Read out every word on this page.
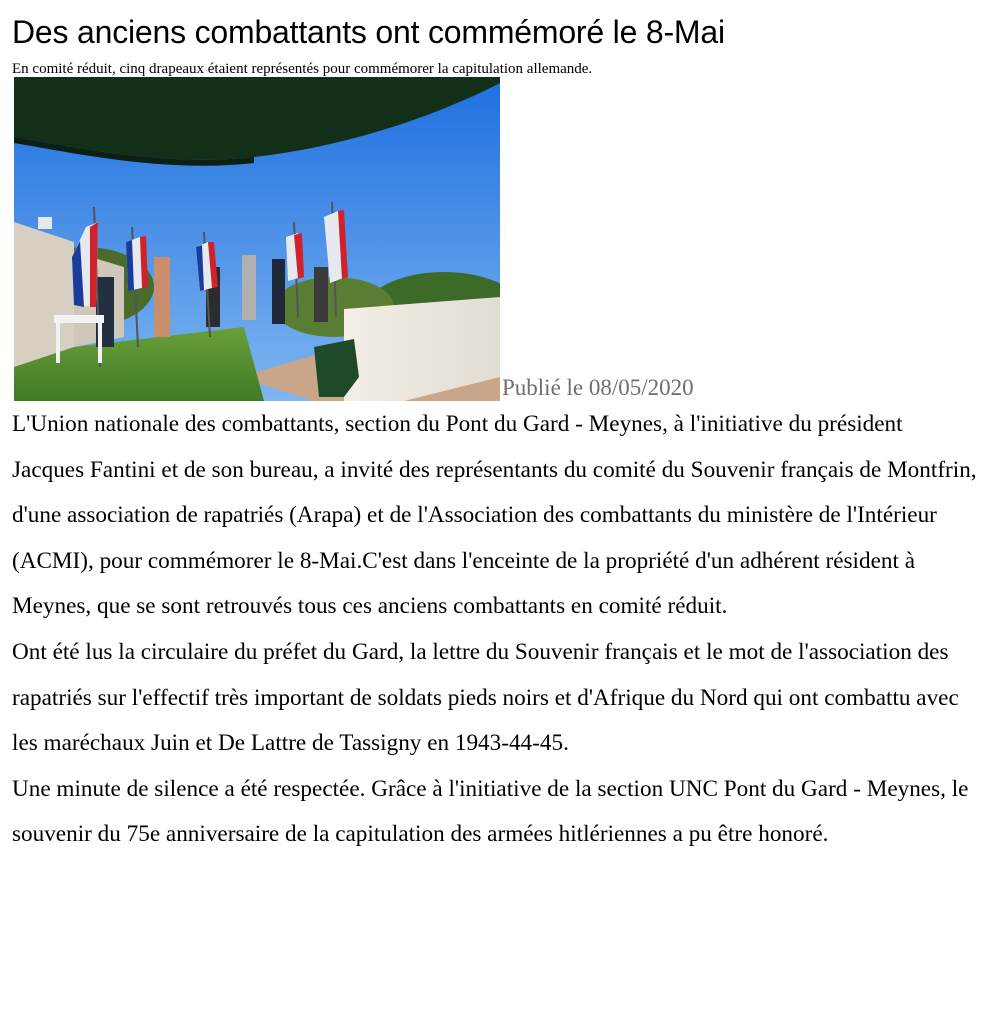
Des anciens combattants ont commémoré le 8-Mai
En comité réduit, cinq drapeaux étaient représentés pour commémorer la capitulation allemande.
Publié le 08/05/2020

L'Union nationale des combattants, section du Pont du Gard - Meynes, à l'initiative du président Jacques Fantini et de son bureau, a invité des représentants du comité du Souvenir français de Montfrin, d'une association de rapatriés (Arapa) et de l'Association des combattants du ministère de l'Intérieur (ACMI), pour commémorer le 8-Mai.C'est dans l'enceinte de la propriété d'un adhérent résident à Meynes, que se sont retrouvés tous ces anciens combattants en comité réduit.

Ont été lus la circulaire du préfet du Gard, la lettre du Souvenir français et le mot de l'association des rapatriés sur l'effectif très important de soldats pieds noirs et d'Afrique du Nord qui ont combattu avec les maréchaux Juin et De Lattre de Tassigny en 1943-44-45.

Une minute de silence a été respectée. Grâce à l'initiative de la section UNC Pont du Gard - Meynes, le souvenir du 75e anniversaire de la capitulation des armées hitlériennes a pu être honoré.
